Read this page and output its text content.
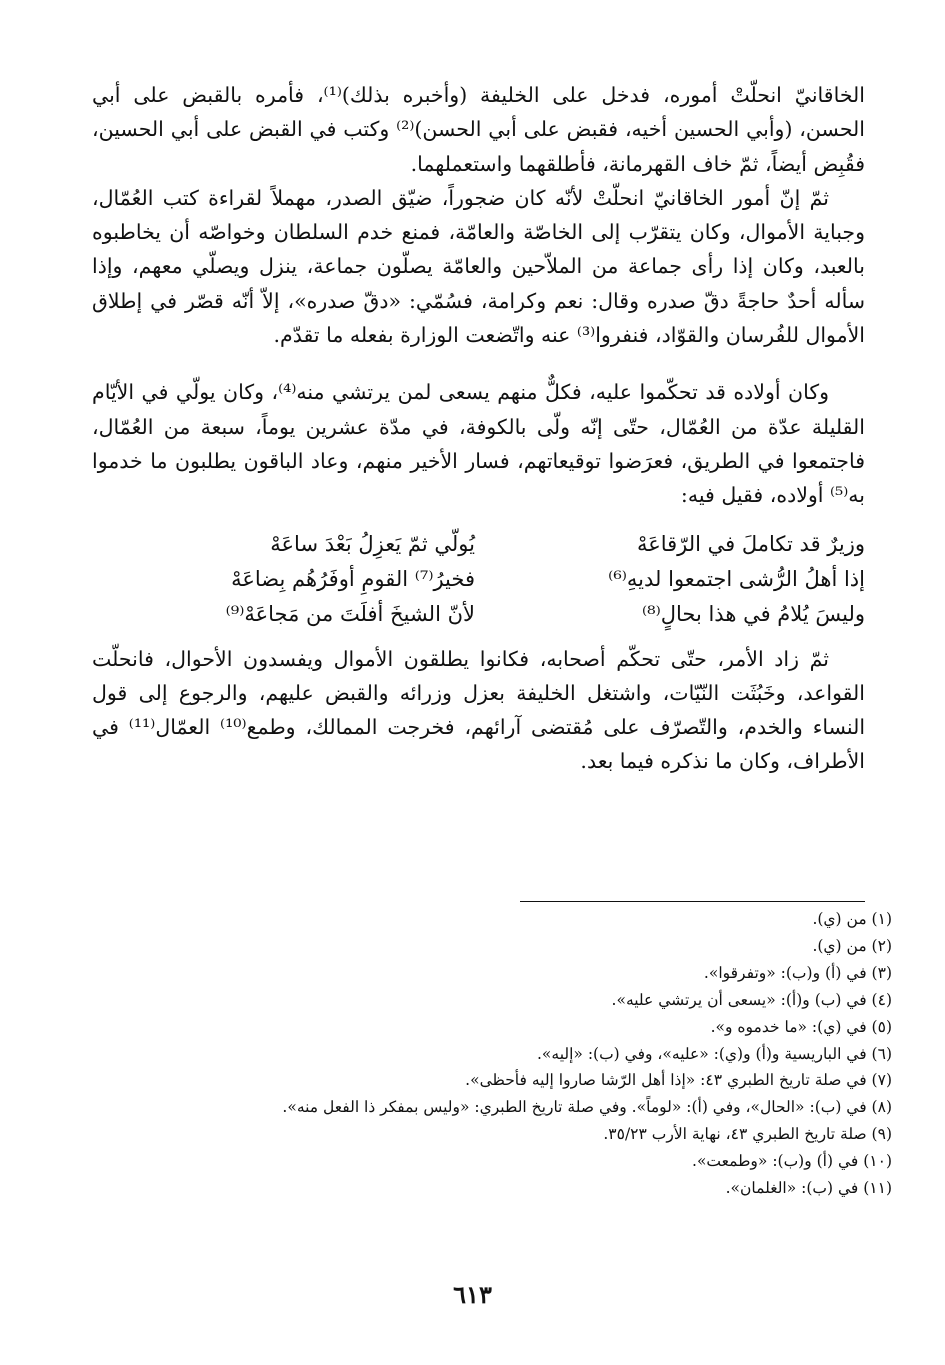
الخاقانيّ انحلّتْ أموره، فدخل على الخليفة (وأخبره بذلك)⁽¹⁾، فأمره بالقبض على أبي الحسن، (وأبي الحسين أخيه، فقبض على أبي الحسن)⁽²⁾ وكتب في القبض على أبي الحسين، فقُبِض أيضاً، ثمّ خاف القهرمانة، فأطلقهما واستعملهما.

ثمّ إنّ أمور الخاقانيّ انحلّتْ لأنّه كان ضجوراً، ضيّق الصدر، مهملاً لقراءة كتب العُمّال، وجباية الأموال، وكان يتقرّب إلى الخاصّة والعامّة، فمنع خدم السلطان وخواصّه أن يخاطبوه بالعبد، وكان إذا رأى جماعة من الملاّحين والعامّة يصلّون جماعة، ينزل ويصلّي معهم، وإذا سأله أحدٌ حاجةً دقّ صدره وقال: نعم وكرامة، فسُمّي: «دقّ صدره»، إلاّ أنّه قصّر في إطلاق الأموال للفُرسان والقوّاد، فنفروا⁽³⁾ عنه واتّضعت الوزارة بفعله ما تقدّم.

وكان أولاده قد تحكّموا عليه، فكلٌّ منهم يسعى لمن يرتشي منه⁽⁴⁾، وكان يولّي في الأيّام القليلة عدّة من العُمّال، حتّى إنّه ولّى بالكوفة، في مدّة عشرين يوماً، سبعة من العُمّال، فاجتمعوا في الطريق، فعرَضوا توقيعاتهم، فسار الأخير منهم، وعاد الباقون يطلبون ما خدموا به⁽⁵⁾ أولاده، فقيل فيه:

وزيرٌ قد تكاملَ في الرّقاعَهْ
يُولّي ثمّ يَعزِلُ بَعْدَ ساعَهْ
إذا أهلُ الرُّشى اجتمعوا لديهِ⁽⁶⁾
فخيرُ⁽⁷⁾ القومِ أوفَرُهُم بِضاعَهْ
وليسَ يُلامُ في هذا بحالٍ⁽⁸⁾
لأنّ الشيخَ أفلَتَ من مَجاعَهْ⁽⁹⁾

ثمّ زاد الأمر، حتّى تحكّم أصحابه، فكانوا يطلقون الأموال ويفسدون الأحوال، فانحلّت القواعد، وخَبُثَت النّيّات، واشتغل الخليفة بعزل وزرائه والقبض عليهم، والرجوع إلى قول النساء والخدم، والتّصرّف على مُقتضى آرائهم، فخرجت الممالك، وطمع⁽¹⁰⁾ العمّال⁽¹¹⁾ في الأطراف، وكان ما نذكره فيما بعد.

(١) من (ي).
(٢) من (ي).
(٣) في (أ) و(ب): «وتفرقوا».
(٤) في (ب) و(أ): «يسعى أن يرتشي عليه».
(٥) في (ي): «ما خدموه و».
(٦) في الباريسية و(أ) و(ي): «عليه»، وفي (ب): «إليه».
(٧) في صلة تاريخ الطبري ٤٣: «إذا أهل الرّشا صاروا إليه فأحظى».
(٨) في (ب): «الحال»، وفي (أ): «لوماً». وفي صلة تاريخ الطبري: «وليس بمفكر ذا الفعل منه».
(٩) صلة تاريخ الطبري ٤٣، نهاية الأرب ٣٥/٢٣.
(١٠) في (أ) و(ب): «وطمعت».
(١١) في (ب): «الغلمان».
٦١٣
